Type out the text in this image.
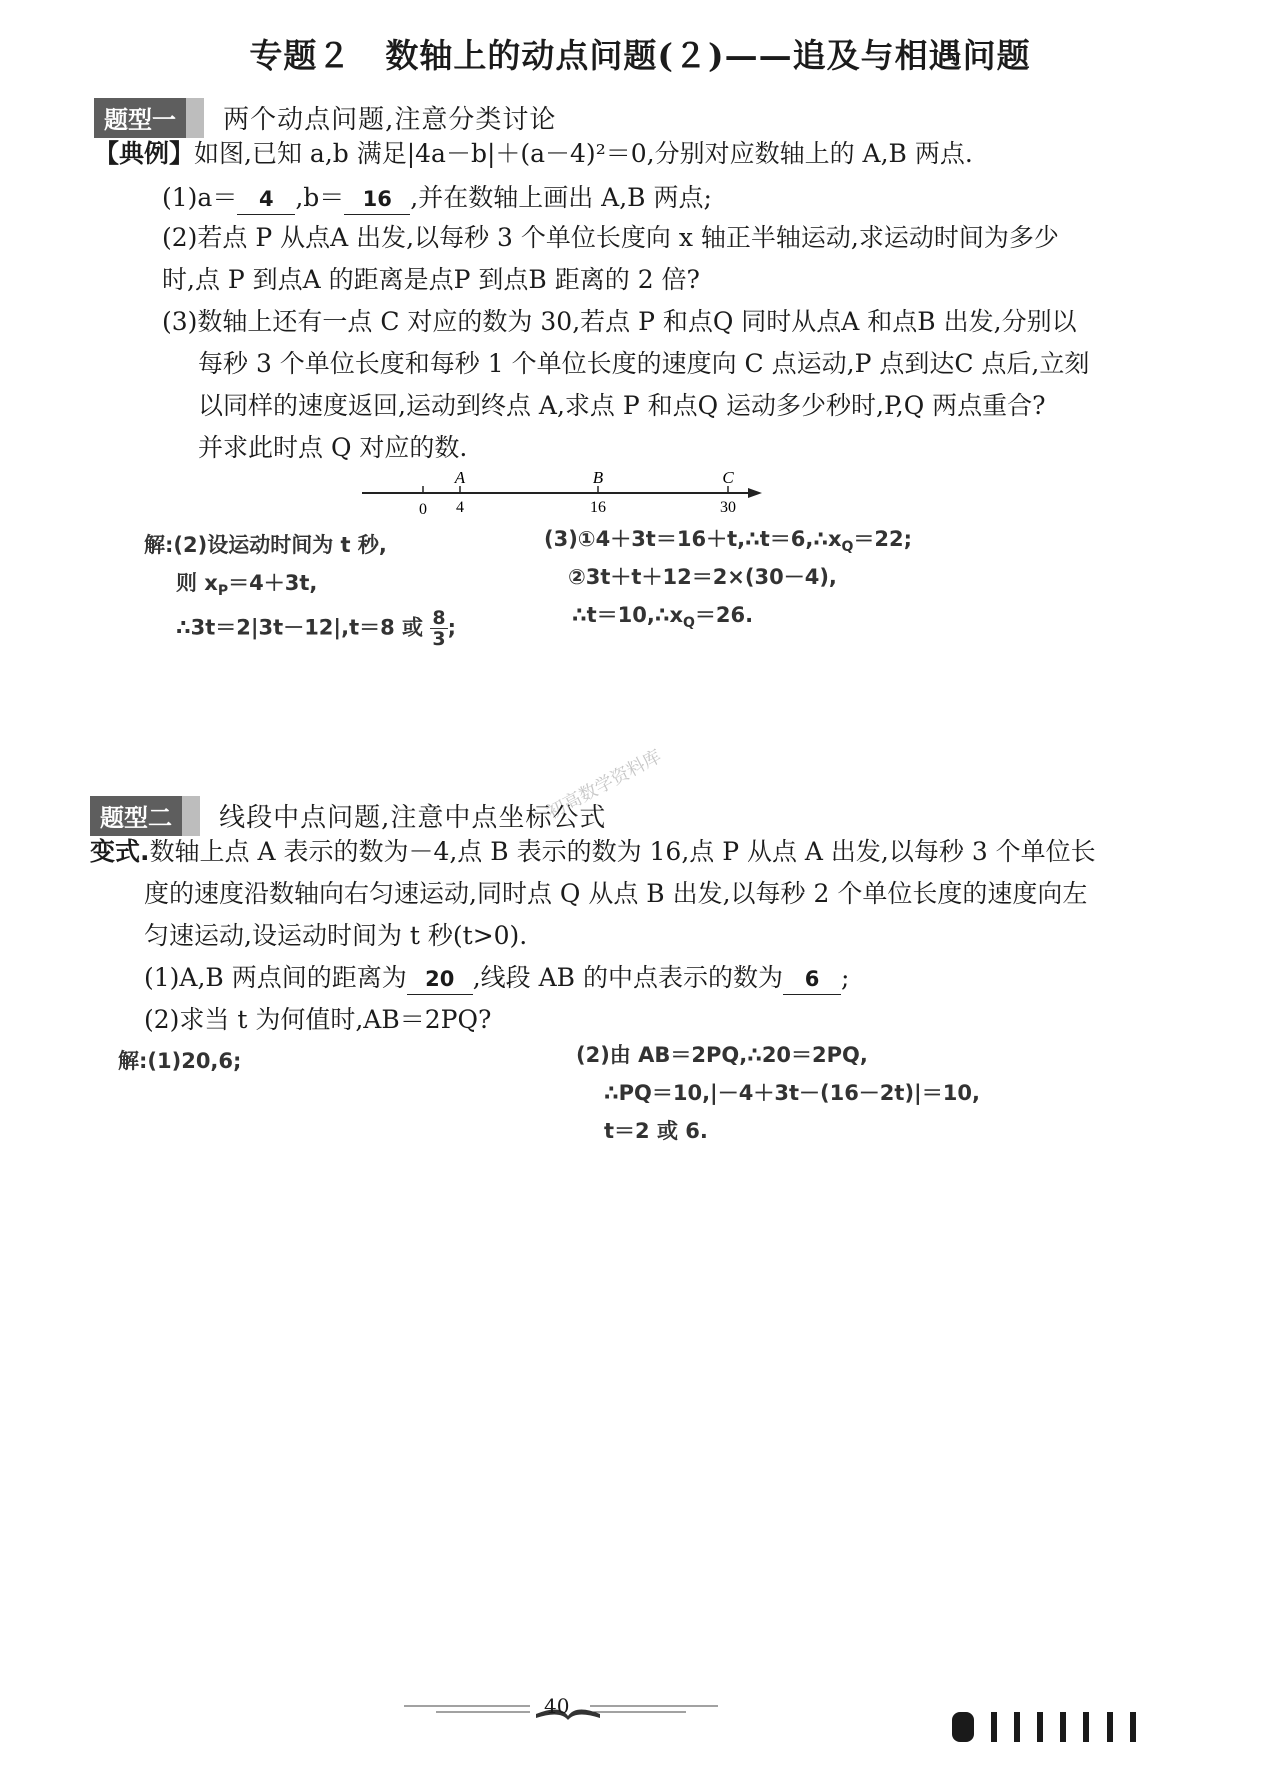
专题２　数轴上的动点问题(２)——追及与相遇问题
题型一 两个动点问题,注意分类讨论
【典例】如图,已知 a,b 满足|4a－b|＋(a－4)²＝0,分别对应数轴上的 A,B 两点.
(1)a＝ 4 ,b＝ 16 ,并在数轴上画出 A,B 两点;
(2)若点 P 从点A 出发,以每秒 3 个单位长度向 x 轴正半轴运动,求运动时间为多少
时,点 P 到点A 的距离是点P 到点B 距离的 2 倍?
(3)数轴上还有一点 C 对应的数为 30,若点 P 和点Q 同时从点A 和点B 出发,分别以
每秒 3 个单位长度和每秒 1 个单位长度的速度向 C 点运动,P 点到达C 点后,立刻
以同样的速度返回,运动到终点 A,求点 P 和点Q 运动多少秒时,P,Q 两点重合?
并求此时点 Q 对应的数.
0
A
4
B
16
C
30
解:(2)设运动时间为 t 秒,
则 $x_P=4+3t$,
∴3t＝2|3t－12|,t＝8 或 $\frac{8}{3}$ ;
$(3)①4+3t=16+t,\therefore t=6,\therefore x_Q=22$;
②3t＋t＋12＝2×(30－4),
$\therefore t=10,\therefore x_Q=26$.
初高数学资料库
题型二 线段中点问题,注意中点坐标公式
变式.数轴上点 A 表示的数为－4,点 B 表示的数为 16,点 P 从点 A 出发,以每秒 3 个单位长
度的速度沿数轴向右匀速运动,同时点 Q 从点 B 出发,以每秒 2 个单位长度的速度向左
匀速运动,设运动时间为 t 秒(t>0).
(1)A,B 两点间的距离为 20 ,线段 AB 的中点表示的数为 6 ;
(2)求当 t 为何值时,AB＝2PQ?
解:(1)20,6;	(2)由 AB＝2PQ,∴20＝2PQ,
∴PQ＝10,|－4＋3t－(16－2t)|＝10,
t＝2 或 6.
40
